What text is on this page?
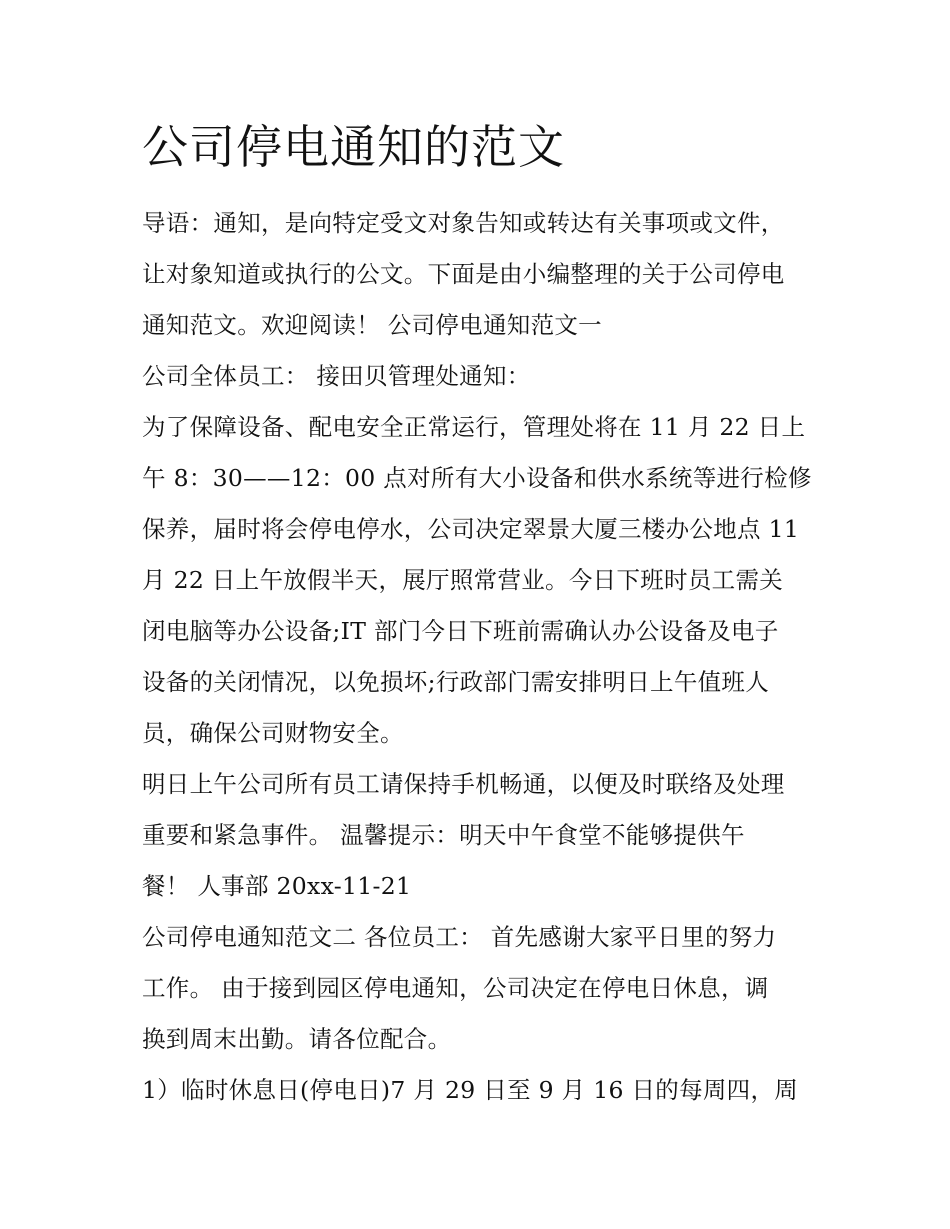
公司停电通知的范文

导语：通知，是向特定受文对象告知或转达有关事项或文件，

让对象知道或执行的公文。下面是由小编整理的关于公司停电

通知范文。欢迎阅读！ 公司停电通知范文一

公司全体员工： 接田贝管理处通知：

为了保障设备、配电安全正常运行，管理处将在 11 月 22 日上

午 8：30——12：00 点对所有大小设备和供水系统等进行检修

保养，届时将会停电停水，公司决定翠景大厦三楼办公地点 11

月 22 日上午放假半天，展厅照常营业。今日下班时员工需关

闭电脑等办公设备;IT 部门今日下班前需确认办公设备及电子

设备的关闭情况，以免损坏;行政部门需安排明日上午值班人

员，确保公司财物安全。

明日上午公司所有员工请保持手机畅通，以便及时联络及处理

重要和紧急事件。 温馨提示：明天中午食堂不能够提供午

餐！ 人事部 20xx-11-21

公司停电通知范文二 各位员工： 首先感谢大家平日里的努力

工作。 由于接到园区停电通知，公司决定在停电日休息，调

换到周末出勤。请各位配合。

1）临时休息日(停电日)7 月 29 日至 9 月 16 日的每周四，周
